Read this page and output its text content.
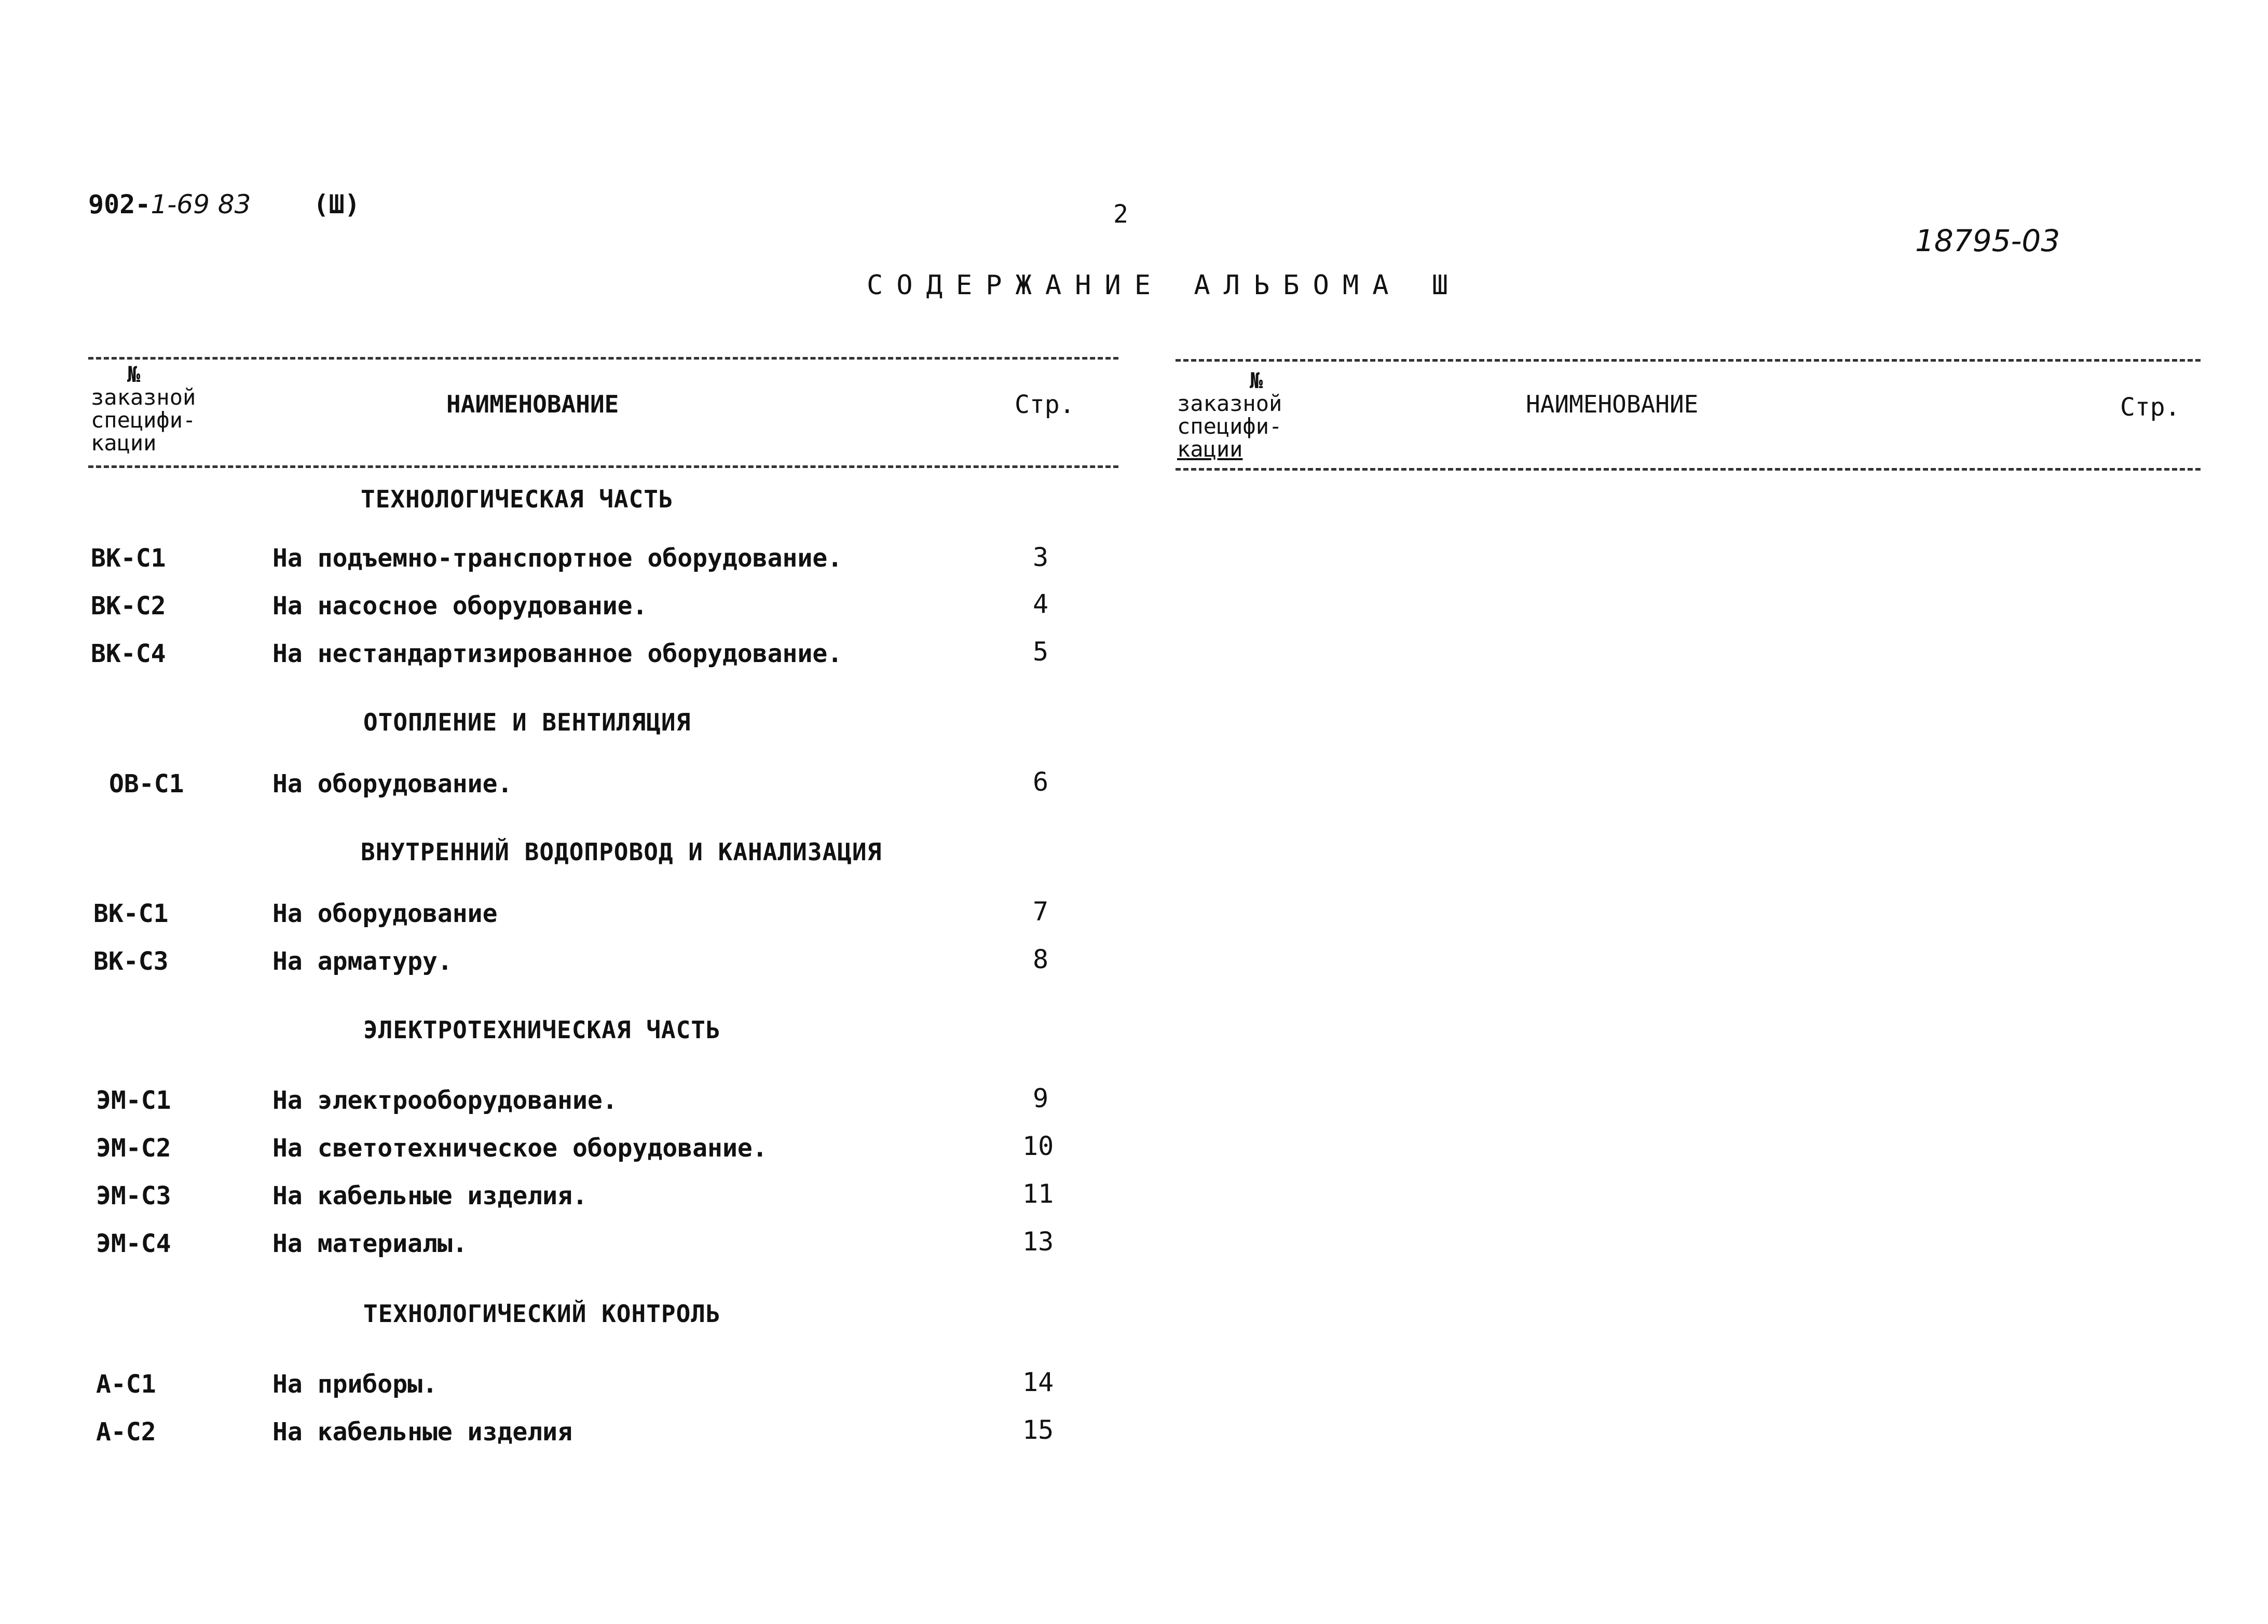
902-1-69 83 (Ш)	2
18795-03
СОДЕРЖАНИЕ АЛЬБОМА Ш
№
заказной
специфи-
кации
НАИМЕНОВАНИЕ	Стр.
№
заказной
специфи-
кации
НАИМЕНОВАНИЕ	Стр.
ТЕХНОЛОГИЧЕСКАЯ ЧАСТЬ
ВК-С1	На подъемно-транспортное оборудование.	3
ВК-С2	На насосное оборудование.	4
ВК-С4	На нестандартизированное оборудование.	5
ОТОПЛЕНИЕ И ВЕНТИЛЯЦИЯ
ОВ-С1	На оборудование.	6
ВНУТРЕННИЙ ВОДОПРОВОД И КАНАЛИЗАЦИЯ
ВК-С1	На оборудование	7
ВК-С3	На арматуру.	8
ЭЛЕКТРОТЕХНИЧЕСКАЯ ЧАСТЬ
ЭМ-С1	На электрооборудование.	9
ЭМ-С2	На светотехническое оборудование.	10
ЭМ-С3	На кабельные изделия.	11
ЭМ-С4	На материалы.	13
ТЕХНОЛОГИЧЕСКИЙ КОНТРОЛЬ
А-С1	На приборы.	14
А-С2	На кабельные изделия	15
